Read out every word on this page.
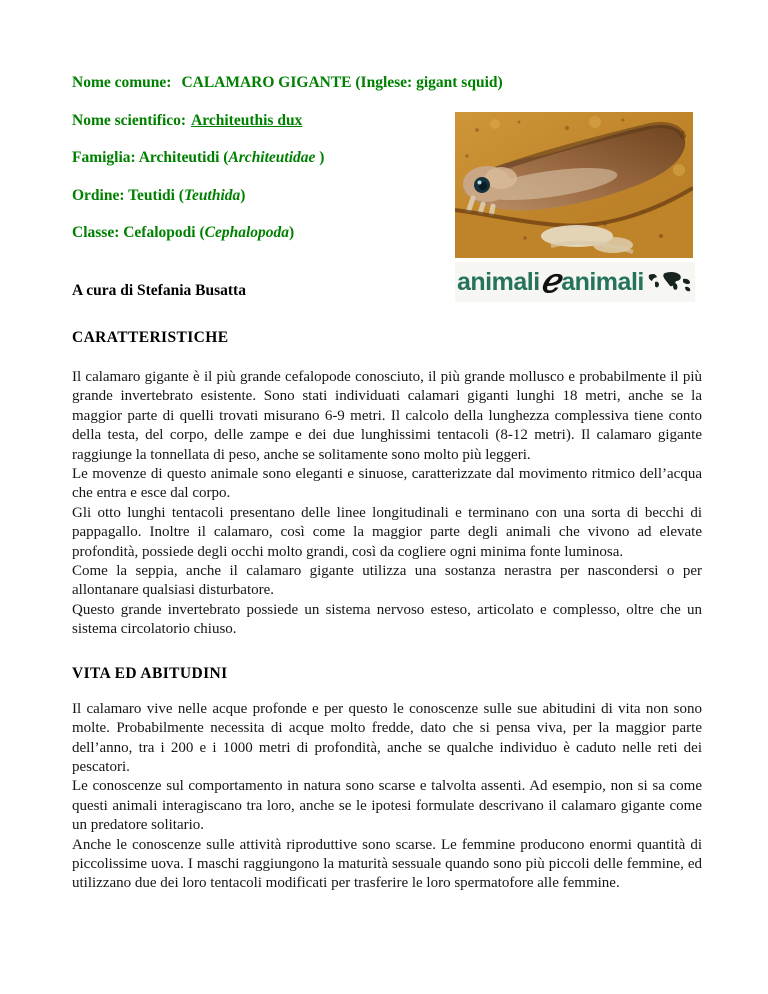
Nome comune: CALAMARO GIGANTE (Inglese: gigant squid)

Nome scientifico: Architeuthis dux

Famiglia: Architeutidi (Architeutidae )

Ordine: Teutidi (Teuthida)

Classe: Cefalopodi (Cephalopoda)

A cura di Stefania Busatta

CARATTERISTICHE

Il calamaro gigante è il più grande cefalopode conosciuto, il più grande mollusco e probabilmente il più grande invertebrato esistente. Sono stati individuati calamari giganti lunghi 18 metri, anche se la maggior parte di quelli trovati misurano 6-9 metri. Il calcolo della lunghezza complessiva tiene conto della testa, del corpo, delle zampe e dei due lunghissimi tentacoli (8-12 metri). Il calamaro gigante raggiunge la tonnellata di peso, anche se solitamente sono molto più leggeri.

Le movenze di questo animale sono eleganti e sinuose, caratterizzate dal movimento ritmico dell’acqua che entra e esce dal corpo.

Gli otto lunghi tentacoli presentano delle linee longitudinali e terminano con una sorta di becchi di pappagallo. Inoltre il calamaro, così come la maggior parte degli animali che vivono ad elevate profondità, possiede degli occhi molto grandi, così da cogliere ogni minima fonte luminosa.

Come la seppia, anche il calamaro gigante utilizza una sostanza nerastra per nascondersi o per allontanare qualsiasi disturbatore.

Questo grande invertebrato possiede un sistema nervoso esteso, articolato e complesso, oltre che un sistema circolatorio chiuso.

VITA ED ABITUDINI

Il calamaro vive nelle acque profonde e per questo le conoscenze sulle sue abitudini di vita non sono molte. Probabilmente necessita di acque molto fredde, dato che si pensa viva, per la maggior parte dell’anno, tra i 200 e i 1000 metri di profondità, anche se qualche individuo è caduto nelle reti dei pescatori.

Le conoscenze sul comportamento in natura sono scarse e talvolta assenti. Ad esempio, non si sa come questi animali interagiscano tra loro, anche se le ipotesi formulate descrivano il calamaro gigante come un predatore solitario.

Anche le conoscenze sulle attività riproduttive sono scarse. Le femmine producono enormi quantità di piccolissime uova. I maschi raggiungono la maturità sessuale quando sono più piccoli delle femmine, ed utilizzano due dei loro tentacoli modificati per trasferire le loro spermatofore alle femmine.

animali ℯ animali
